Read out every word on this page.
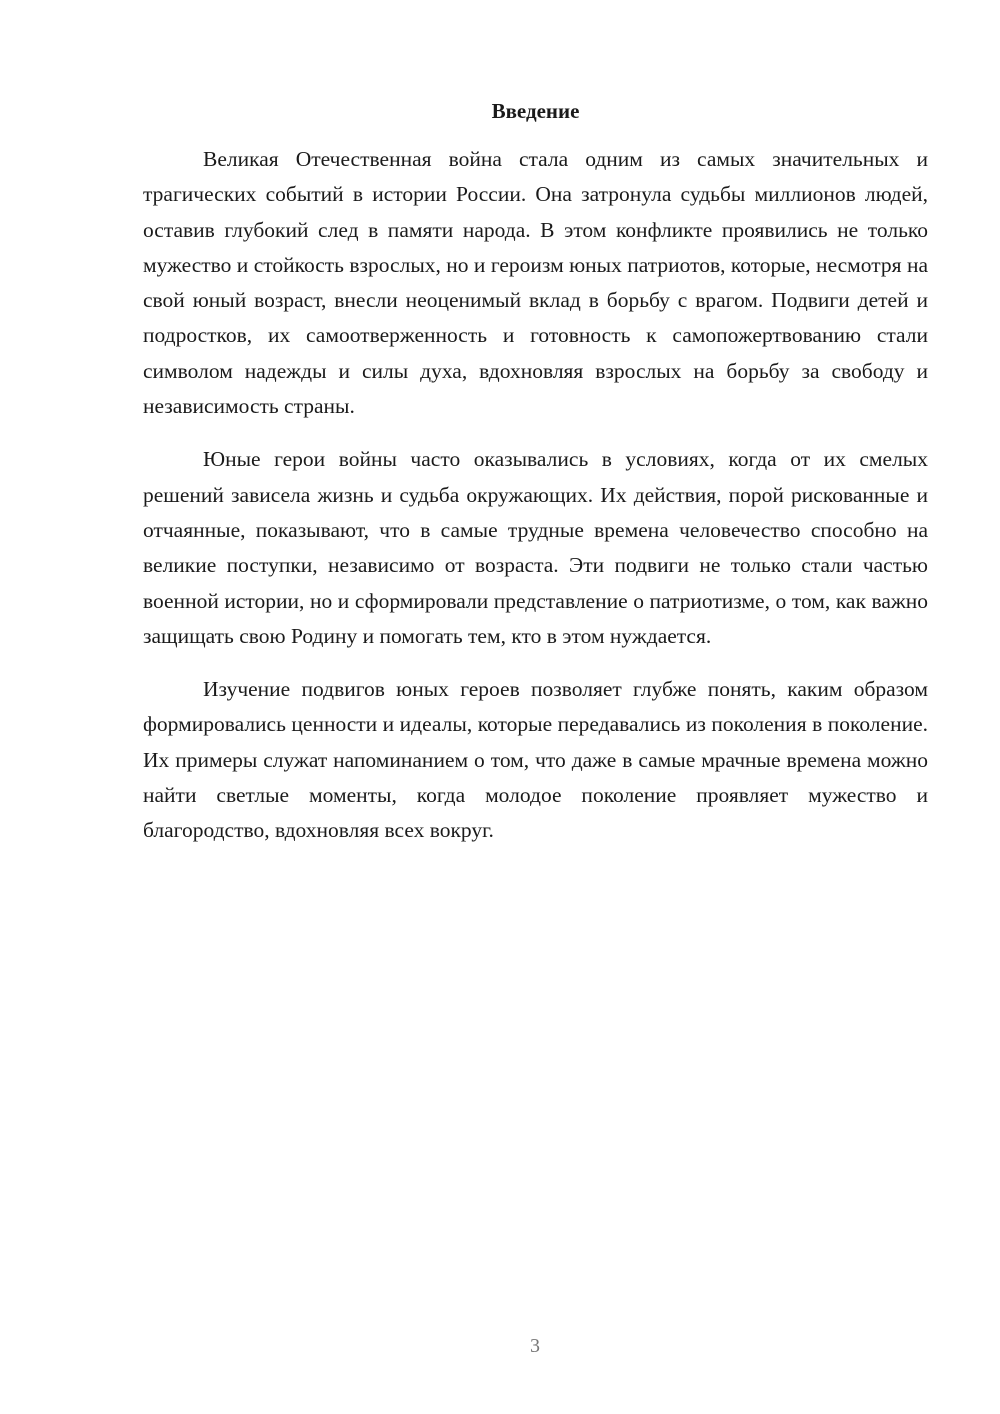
Введение

Великая Отечественная война стала одним из самых значительных и трагических событий в истории России. Она затронула судьбы миллионов людей, оставив глубокий след в памяти народа. В этом конфликте проявились не только мужество и стойкость взрослых, но и героизм юных патриотов, которые, несмотря на свой юный возраст, внесли неоценимый вклад в борьбу с врагом. Подвиги детей и подростков, их самоотверженность и готовность к самопожертвованию стали символом надежды и силы духа, вдохновляя взрослых на борьбу за свободу и независимость страны.

Юные герои войны часто оказывались в условиях, когда от их смелых решений зависела жизнь и судьба окружающих. Их действия, порой рискованные и отчаянные, показывают, что в самые трудные времена человечество способно на великие поступки, независимо от возраста. Эти подвиги не только стали частью военной истории, но и сформировали представление о патриотизме, о том, как важно защищать свою Родину и помогать тем, кто в этом нуждается.

Изучение подвигов юных героев позволяет глубже понять, каким образом формировались ценности и идеалы, которые передавались из поколения в поколение. Их примеры служат напоминанием о том, что даже в самые мрачные времена можно найти светлые моменты, когда молодое поколение проявляет мужество и благородство, вдохновляя всех вокруг.

3
